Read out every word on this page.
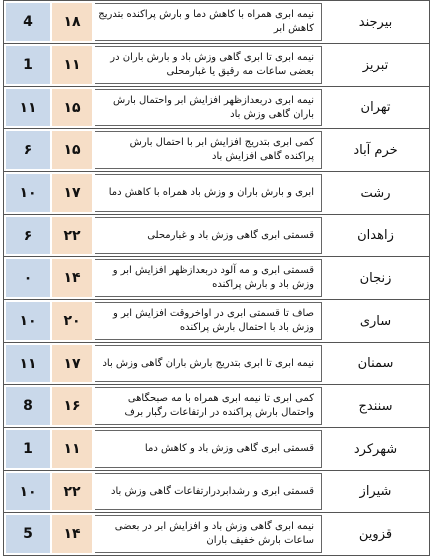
4	۱۸	نیمه ابری همراه با کاهش دما و بارش پراکنده بتدریج کاهش ابر	بیرجند
1	۱۱	نیمه ابری تا ابری گاهی وزش باد و بارش باران در بعضی ساعات مه رقیق یا غبارمحلی	تبریز
۱۱	۱۵	نیمه ابری دربعدازظهر افزایش ابر واحتمال بارش باران گاهی وزش باد	تهران
۶	۱۵	کمی ابری بتدریج افزایش ابر با احتمال بارش پراکنده گاهی افزایش باد	خرم آباد
۱۰	۱۷	ابری و بارش باران و وزش باد همراه با کاهش دما	رشت
۶	۲۲	قسمتی ابری گاهی وزش باد و غبارمحلی	زاهدان
۰	۱۴	قسمتی ابری و مه آلود دربعدازظهر افزایش ابر و وزش باد و بارش پراکنده	زنجان
۱۰	۲۰	صاف تا قسمتی ابری در اواخروقت افزایش ابر و وزش باد با احتمال بارش پراکنده	ساری
۱۱	۱۷	نیمه ابری تا ابری بتدریج بارش باران گاهی وزش باد	سمنان
8	۱۶	کمی ابری تا نیمه ابری همراه با مه صبحگاهی واحتمال بارش پراکنده در ارتفاعات رگبار برف	سنندج
1	۱۱	قسمتی ابری گاهی وزش باد و کاهش دما	شهرکرد
۱۰	۲۲	قسمتی ابری و رشدابردرارتفاعات گاهی وزش باد	شیراز
5	۱۴	نیمه ابری گاهی وزش باد و افزایش ابر در بعضی ساعات بارش خفیف باران	قزوین
